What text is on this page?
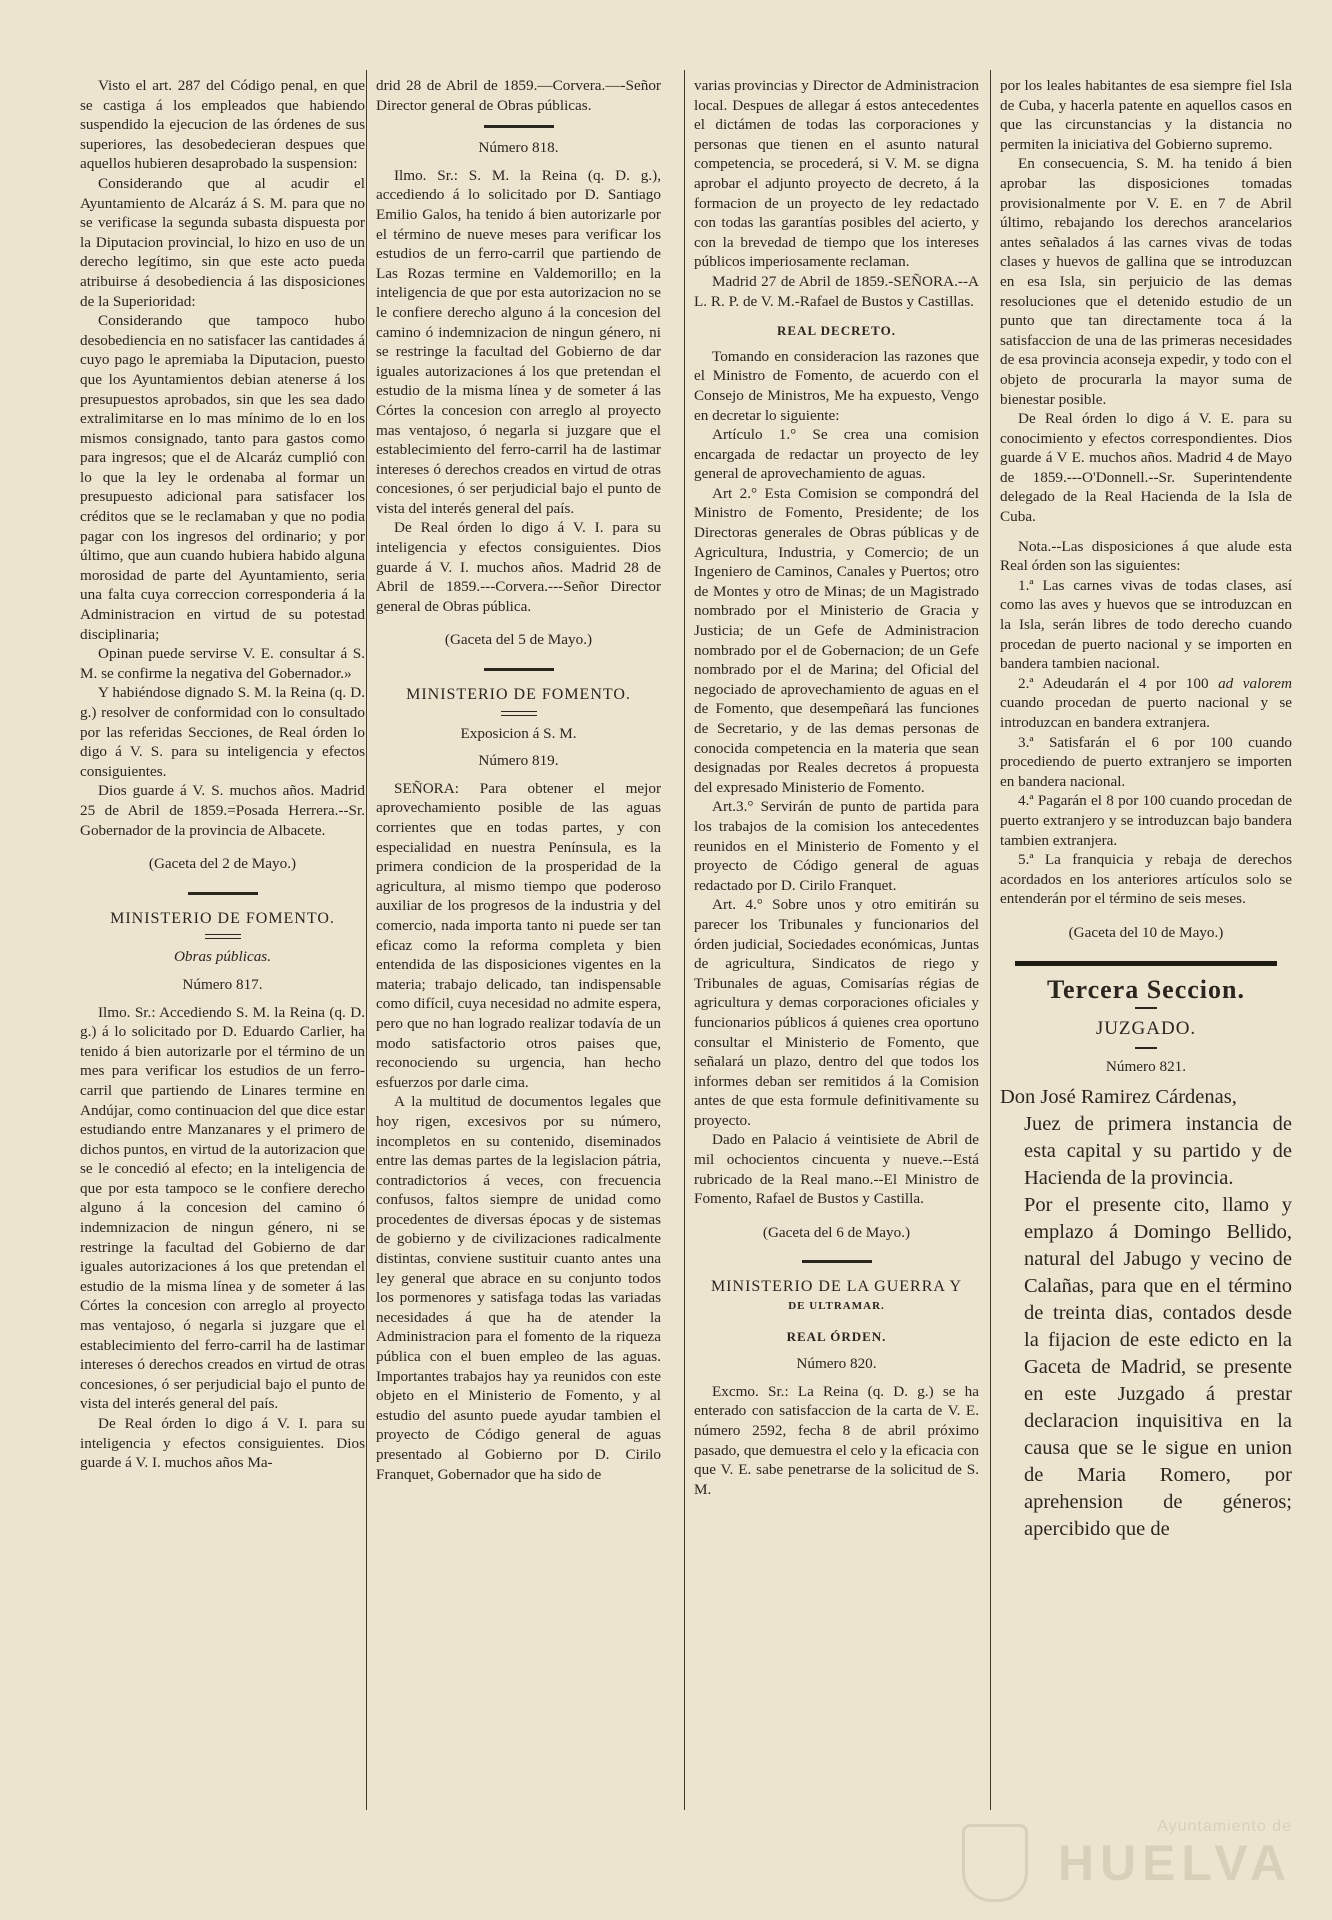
Visto el art. 287 del Código penal, en que se castiga á los empleados que habiendo suspendido la ejecucion de las órdenes de sus superiores, las desobedecieran despues que aquellos hubieren desaprobado la suspension:

Considerando que al acudir el Ayuntamiento de Alcaráz á S. M. para que no se verificase la segunda subasta dispuesta por la Diputacion provincial, lo hizo en uso de un derecho legítimo, sin que este acto pueda atribuirse á desobediencia á las disposiciones de la Superioridad:

Considerando que tampoco hubo desobediencia en no satisfacer las cantidades á cuyo pago le apremiaba la Diputacion, puesto que los Ayuntamientos debian atenerse á los presupuestos aprobados, sin que les sea dado extralimitarse en lo mas mínimo de lo en los mismos consignado, tanto para gastos como para ingresos; que el de Alcaráz cumplió con lo que la ley le ordenaba al formar un presupuesto adicional para satisfacer los créditos que se le reclamaban y que no podia pagar con los ingresos del ordinario; y por último, que aun cuando hubiera habido alguna morosidad de parte del Ayuntamiento, seria una falta cuya correccion corresponderia á la Administracion en virtud de su potestad disciplinaria;

Opinan puede servirse V. E. consultar á S. M. se confirme la negativa del Gobernador.»

Y habiéndose dignado S. M. la Reina (q. D. g.) resolver de conformidad con lo consultado por las referidas Secciones, de Real órden lo digo á V. S. para su inteligencia y efectos consiguientes.

Dios guarde á V. S. muchos años. Madrid 25 de Abril de 1859.=Posada Herrera.--Sr. Gobernador de la provincia de Albacete.

(Gaceta del 2 de Mayo.)
MINISTERIO DE FOMENTO.
Obras públicas.
Número 817.

Ilmo. Sr.: Accediendo S. M. la Reina (q. D. g.) á lo solicitado por D. Eduardo Carlier, ha tenido á bien autorizarle por el término de un mes para verificar los estudios de un ferro-carril que partiendo de Linares termine en Andújar, como continuacion del que dice estar estudiando entre Manzanares y el primero de dichos puntos, en virtud de la autorizacion que se le concedió al efecto; en la inteligencia de que por esta tampoco se le confiere derecho alguno á la concesion del camino ó indemnizacion de ningun género, ni se restringe la facultad del Gobierno de dar iguales autorizaciones á los que pretendan el estudio de la misma línea y de someter á las Córtes la concesion con arreglo al proyecto mas ventajoso, ó negarla si juzgare que el establecimiento del ferro-carril ha de lastimar intereses ó derechos creados en virtud de otras concesiones, ó ser perjudicial bajo el punto de vista del interés general del país.

De Real órden lo digo á V. I. para su inteligencia y efectos consiguientes. Dios guarde á V. I. muchos años Ma-

drid 28 de Abril de 1859.—Corvera.—-Señor Director general de Obras públicas.

Número 818.

Ilmo. Sr.: S. M. la Reina (q. D. g.), accediendo á lo solicitado por D. Santiago Emilio Galos, ha tenido á bien autorizarle por el término de nueve meses para verificar los estudios de un ferro-carril que partiendo de Las Rozas termine en Valdemorillo; en la inteligencia de que por esta autorizacion no se le confiere derecho alguno á la concesion del camino ó indemnizacion de ningun género, ni se restringe la facultad del Gobierno de dar iguales autorizaciones á los que pretendan el estudio de la misma línea y de someter á las Córtes la concesion con arreglo al proyecto mas ventajoso, ó negarla si juzgare que el establecimiento del ferro-carril ha de lastimar intereses ó derechos creados en virtud de otras concesiones, ó ser perjudicial bajo el punto de vista del interés general del país.

De Real órden lo digo á V. I. para su inteligencia y efectos consiguientes. Dios guarde á V. I. muchos años. Madrid 28 de Abril de 1859.---Corvera.---Señor Director general de Obras pública.

(Gaceta del 5 de Mayo.)
MINISTERIO DE FOMENTO.
Exposicion á S. M.
Número 819.

SEÑORA: Para obtener el mejor aprovechamiento posible de las aguas corrientes que en todas partes, y con especialidad en nuestra Península, es la primera condicion de la prosperidad de la agricultura, al mismo tiempo que poderoso auxiliar de los progresos de la industria y del comercio, nada importa tanto ni puede ser tan eficaz como la reforma completa y bien entendida de las disposiciones vigentes en la materia; trabajo delicado, tan indispensable como difícil, cuya necesidad no admite espera, pero que no han logrado realizar todavía de un modo satisfactorio otros paises que, reconociendo su urgencia, han hecho esfuerzos por darle cima.

A la multitud de documentos legales que hoy rigen, excesivos por su número, incompletos en su contenido, diseminados entre las demas partes de la legislacion pátria, contradictorios á veces, con frecuencia confusos, faltos siempre de unidad como procedentes de diversas épocas y de sistemas de gobierno y de civilizaciones radicalmente distintas, conviene sustituir cuanto antes una ley general que abrace en su conjunto todos los pormenores y satisfaga todas las variadas necesidades á que ha de atender la Administracion para el fomento de la riqueza pública con el buen empleo de las aguas. Importantes trabajos hay ya reunidos con este objeto en el Ministerio de Fomento, y al estudio del asunto puede ayudar tambien el proyecto de Código general de aguas presentado al Gobierno por D. Cirilo Franquet, Gobernador que ha sido de

varias provincias y Director de Administracion local. Despues de allegar á estos antecedentes el dictámen de todas las corporaciones y personas que tienen en el asunto natural competencia, se procederá, si V. M. se digna aprobar el adjunto proyecto de decreto, á la formacion de un proyecto de ley redactado con todas las garantías posibles del acierto, y con la brevedad de tiempo que los intereses públicos imperiosamente reclaman.

Madrid 27 de Abril de 1859.-SEÑORA.--A L. R. P. de V. M.-Rafael de Bustos y Castillas.

REAL DECRETO.

Tomando en consideracion las razones que el Ministro de Fomento, de acuerdo con el Consejo de Ministros, Me ha expuesto, Vengo en decretar lo siguiente:

Artículo 1.° Se crea una comision encargada de redactar un proyecto de ley general de aprovechamiento de aguas.

Art 2.° Esta Comision se compondrá del Ministro de Fomento, Presidente; de los Directoras generales de Obras públicas y de Agricultura, Industria, y Comercio; de un Ingeniero de Caminos, Canales y Puertos; otro de Montes y otro de Minas; de un Magistrado nombrado por el Ministerio de Gracia y Justicia; de un Gefe de Administracion nombrado por el de Gobernacion; de un Gefe nombrado por el de Marina; del Oficial del negociado de aprovechamiento de aguas en el de Fomento, que desempeñará las funciones de Secretario, y de las demas personas de conocida competencia en la materia que sean designadas por Reales decretos á propuesta del expresado Ministerio de Fomento.

Art.3.° Servirán de punto de partida para los trabajos de la comision los antecedentes reunidos en el Ministerio de Fomento y el proyecto de Código general de aguas redactado por D. Cirilo Franquet.

Art. 4.° Sobre unos y otro emitirán su parecer los Tribunales y funcionarios del órden judicial, Sociedades económicas, Juntas de agricultura, Sindicatos de riego y Tribunales de aguas, Comisarías régias de agricultura y demas corporaciones oficiales y funcionarios públicos á quienes crea oportuno consultar el Ministerio de Fomento, que señalará un plazo, dentro del que todos los informes deban ser remitidos á la Comision antes de que esta formule definitivamente su proyecto.

Dado en Palacio á veintisiete de Abril de mil ochocientos cincuenta y nueve.--Está rubricado de la Real mano.--El Ministro de Fomento, Rafael de Bustos y Castilla.

(Gaceta del 6 de Mayo.)
MINISTERIO DE LA GUERRA Y
DE ULTRAMAR.
REAL ÓRDEN.
Número 820.

Excmo. Sr.: La Reina (q. D. g.) se ha enterado con satisfaccion de la carta de V. E. número 2592, fecha 8 de abril próximo pasado, que demuestra el celo y la eficacia con que V. E. sabe penetrarse de la solicitud de S. M.

por los leales habitantes de esa siempre fiel Isla de Cuba, y hacerla patente en aquellos casos en que las circunstancias y la distancia no permiten la iniciativa del Gobierno supremo.

En consecuencia, S. M. ha tenido á bien aprobar las disposiciones tomadas provisionalmente por V. E. en 7 de Abril último, rebajando los derechos arancelarios antes señalados á las carnes vivas de todas clases y huevos de gallina que se introduzcan en esa Isla, sin perjuicio de las demas resoluciones que el detenido estudio de un punto que tan directamente toca á la satisfaccion de una de las primeras necesidades de esa provincia aconseja expedir, y todo con el objeto de procurarla la mayor suma de bienestar posible.

De Real órden lo digo á V. E. para su conocimiento y efectos correspondientes. Dios guarde á V E. muchos años. Madrid 4 de Mayo de 1859.---O'Donnell.--Sr. Superintendente delegado de la Real Hacienda de la Isla de Cuba.

Nota.--Las disposiciones á que alude esta Real órden son las siguientes:

1.ª Las carnes vivas de todas clases, así como las aves y huevos que se introduzcan en la Isla, serán libres de todo derecho cuando procedan de puerto nacional y se importen en bandera tambien nacional.

2.ª Adeudarán el 4 por 100 ad valorem cuando procedan de puerto nacional y se introduzcan en bandera extranjera.

3.ª Satisfarán el 6 por 100 cuando procediendo de puerto extranjero se importen en bandera nacional.

4.ª Pagarán el 8 por 100 cuando procedan de puerto extranjero y se introduzcan bajo bandera tambien extranjera.

5.ª La franquicia y rebaja de derechos acordados en los anteriores artículos solo se entenderán por el término de seis meses.

(Gaceta del 10 de Mayo.)
Tercera Seccion.
JUZGADO.
Número 821.

Don José Ramirez Cárdenas,

Juez de primera instancia de esta capital y su partido y de Hacienda de la provincia.

Por el presente cito, llamo y emplazo á Domingo Bellido, natural del Jabugo y vecino de Calañas, para que en el término de treinta dias, contados desde la fijacion de este edicto en la Gaceta de Madrid, se presente en este Juzgado á prestar declaracion inquisitiva en la causa que se le sigue en union de Maria Romero, por aprehension de géneros; apercibido que de

Ayuntamiento de
HUELVA
